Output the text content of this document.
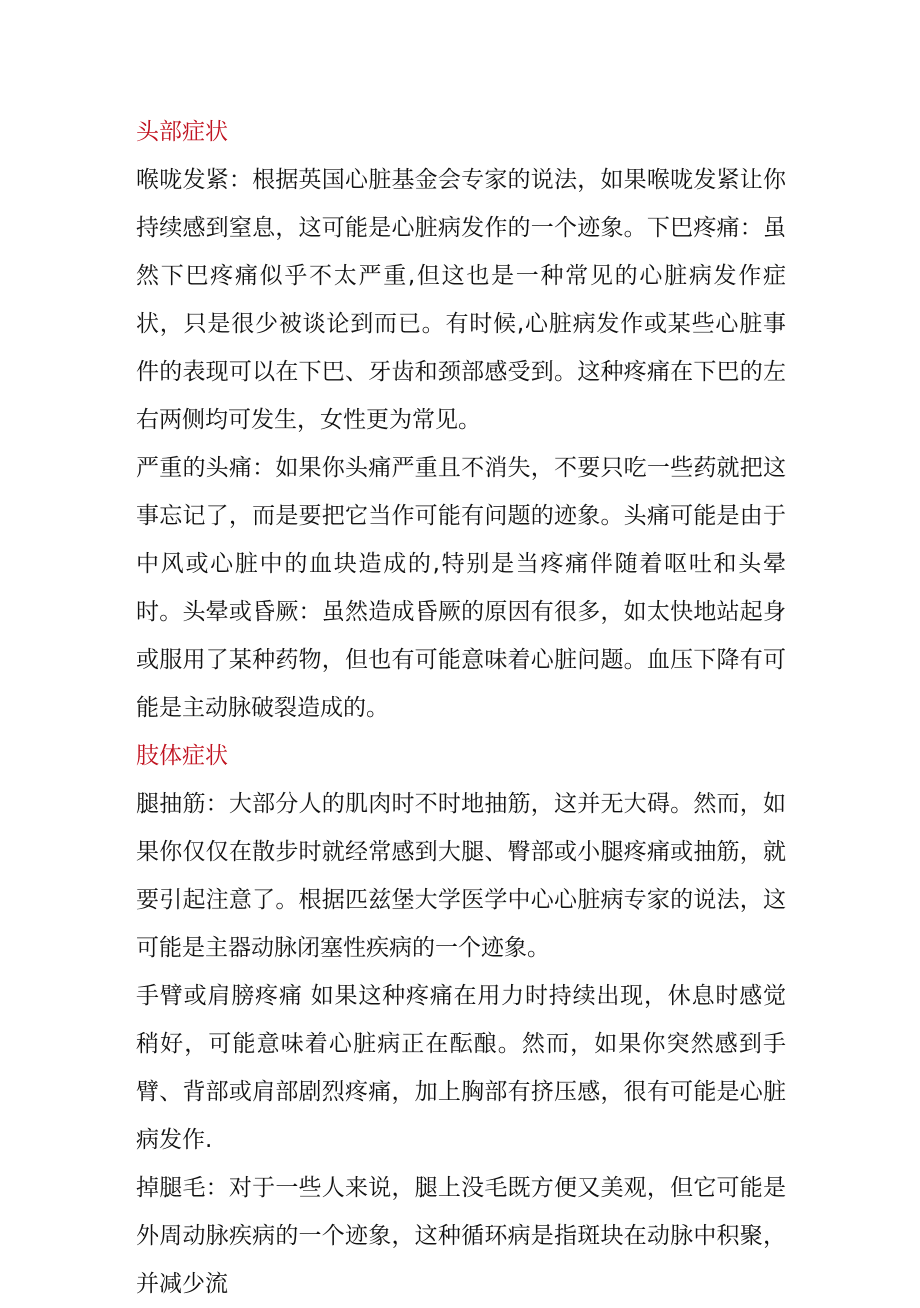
头部症状

喉咙发紧：根据英国心脏基金会专家的说法，如果喉咙发紧让你持续感到窒息，这可能是心脏病发作的一个迹象。下巴疼痛：虽然下巴疼痛似乎不太严重,但这也是一种常见的心脏病发作症状，只是很少被谈论到而已。有时候,心脏病发作或某些心脏事件的表现可以在下巴、牙齿和颈部感受到。这种疼痛在下巴的左右两侧均可发生，女性更为常见。

严重的头痛：如果你头痛严重且不消失，不要只吃一些药就把这事忘记了，而是要把它当作可能有问题的迹象。头痛可能是由于中风或心脏中的血块造成的,特别是当疼痛伴随着呕吐和头晕时。头晕或昏厥：虽然造成昏厥的原因有很多，如太快地站起身或服用了某种药物，但也有可能意味着心脏问题。血压下降有可能是主动脉破裂造成的。

肢体症状

腿抽筋：大部分人的肌肉时不时地抽筋，这并无大碍。然而，如果你仅仅在散步时就经常感到大腿、臀部或小腿疼痛或抽筋，就要引起注意了。根据匹兹堡大学医学中心心脏病专家的说法，这可能是主器动脉闭塞性疾病的一个迹象。

手臂或肩膀疼痛 如果这种疼痛在用力时持续出现，休息时感觉稍好，可能意味着心脏病正在酝酿。然而，如果你突然感到手臂、背部或肩部剧烈疼痛，加上胸部有挤压感，很有可能是心脏病发作.

掉腿毛：对于一些人来说，腿上没毛既方便又美观，但它可能是外周动脉疾病的一个迹象，这种循环病是指斑块在动脉中积聚，并减少流
